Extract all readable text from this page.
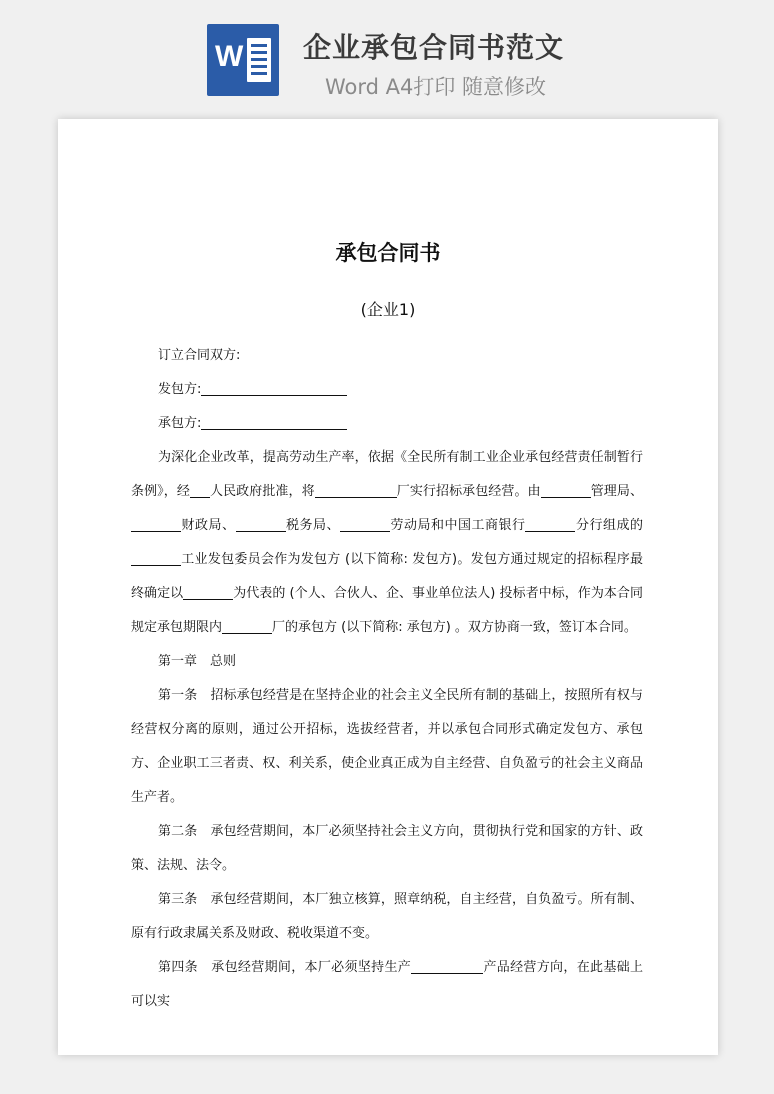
W 企业承包合同书范文
Word A4打印 随意修改
承包合同书
(企业1)

订立合同双方:

发包方:

承包方:

为深化企业改革，提高劳动生产率，依据《全民所有制工业企业承包经营责任制暂行条例》，经 人民政府批准，将	厂实行招标承包经营。由	管理局、财政局、	税务局、	劳动局和中国工商银行	分行组成的工业发包委员会作为发包方 (以下简称: 发包方)。发包方通过规定的招标程序最终确定以	为代表的 (个人、合伙人、企、事业单位法人) 投标者中标，作为本合同规定承包期限内	厂的承包方 (以下简称: 承包方) 。双方协商一致，签订本合同。

第一章　总则

第一条　招标承包经营是在坚持企业的社会主义全民所有制的基础上，按照所有权与经营权分离的原则，通过公开招标，选拔经营者，并以承包合同形式确定发包方、承包方、企业职工三者责、权、利关系，使企业真正成为自主经营、自负盈亏的社会主义商品生产者。

第二条　承包经营期间，本厂必须坚持社会主义方向，贯彻执行党和国家的方针、政策、法规、法令。

第三条　承包经营期间，本厂独立核算，照章纳税，自主经营，自负盈亏。所有制、原有行政隶属关系及财政、税收渠道不变。

第四条　承包经营期间，本厂必须坚持生产	产品经营方向，在此基础上可以实
